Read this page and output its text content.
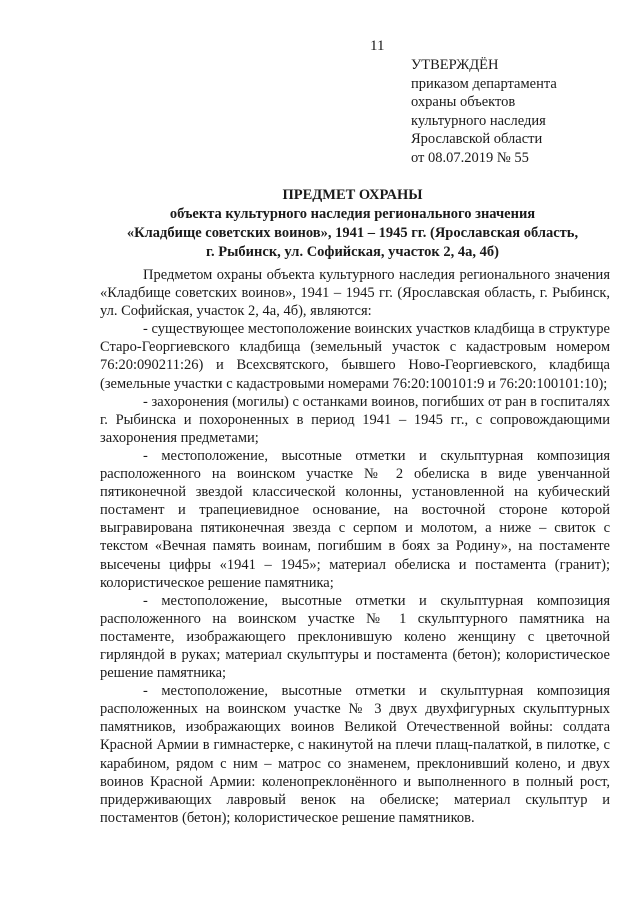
11
УТВЕРЖДЁН
приказом департамента
охраны объектов
культурного наследия
Ярославской области
от 08.07.2019 № 55
ПРЕДМЕТ ОХРАНЫ
объекта культурного наследия регионального значения
«Кладбище советских воинов», 1941 – 1945 гг. (Ярославская область,
г. Рыбинск, ул. Софийская, участок 2, 4а, 4б)

Предметом охраны объекта культурного наследия регионального значения «Кладбище советских воинов», 1941 – 1945 гг. (Ярославская область, г. Рыбинск, ул. Софийская, участок 2, 4а, 4б), являются:

- существующее местоположение воинских участков кладбища в структуре Старо-Георгиевского кладбища (земельный участок с кадастровым номером 76:20:090211:26) и Всехсвятского, бывшего Ново-Георгиевского, кладбища (земельные участки с кадастровыми номерами 76:20:100101:9 и 76:20:100101:10);

- захоронения (могилы) с останками воинов, погибших от ран в госпиталях г. Рыбинска и похороненных в период 1941 – 1945 гг., с сопровождающими захоронения предметами;

- местоположение, высотные отметки и скульптурная композиция расположенного на воинском участке № 2 обелиска в виде увенчанной пятиконечной звездой классической колонны, установленной на кубический постамент и трапециевидное основание, на восточной стороне которой выгравирована пятиконечная звезда с серпом и молотом, а ниже – свиток с текстом «Вечная память воинам, погибшим в боях за Родину», на постаменте высечены цифры «1941 – 1945»; материал обелиска и постамента (гранит); колористическое решение памятника;

- местоположение, высотные отметки и скульптурная композиция расположенного на воинском участке № 1 скульптурного памятника на постаменте, изображающего преклонившую колено женщину с цветочной гирляндой в руках; материал скульптуры и постамента (бетон); колористическое решение памятника;

- местоположение, высотные отметки и скульптурная композиция расположенных на воинском участке № 3 двух двухфигурных скульптурных памятников, изображающих воинов Великой Отечественной войны: солдата Красной Армии в гимнастерке, с накинутой на плечи плащ-палаткой, в пилотке, с карабином, рядом с ним – матрос со знаменем, преклонивший колено, и двух воинов Красной Армии: коленопреклонённого и выполненного в полный рост, придерживающих лавровый венок на обелиске; материал скульптур и постаментов (бетон); колористическое решение памятников.
